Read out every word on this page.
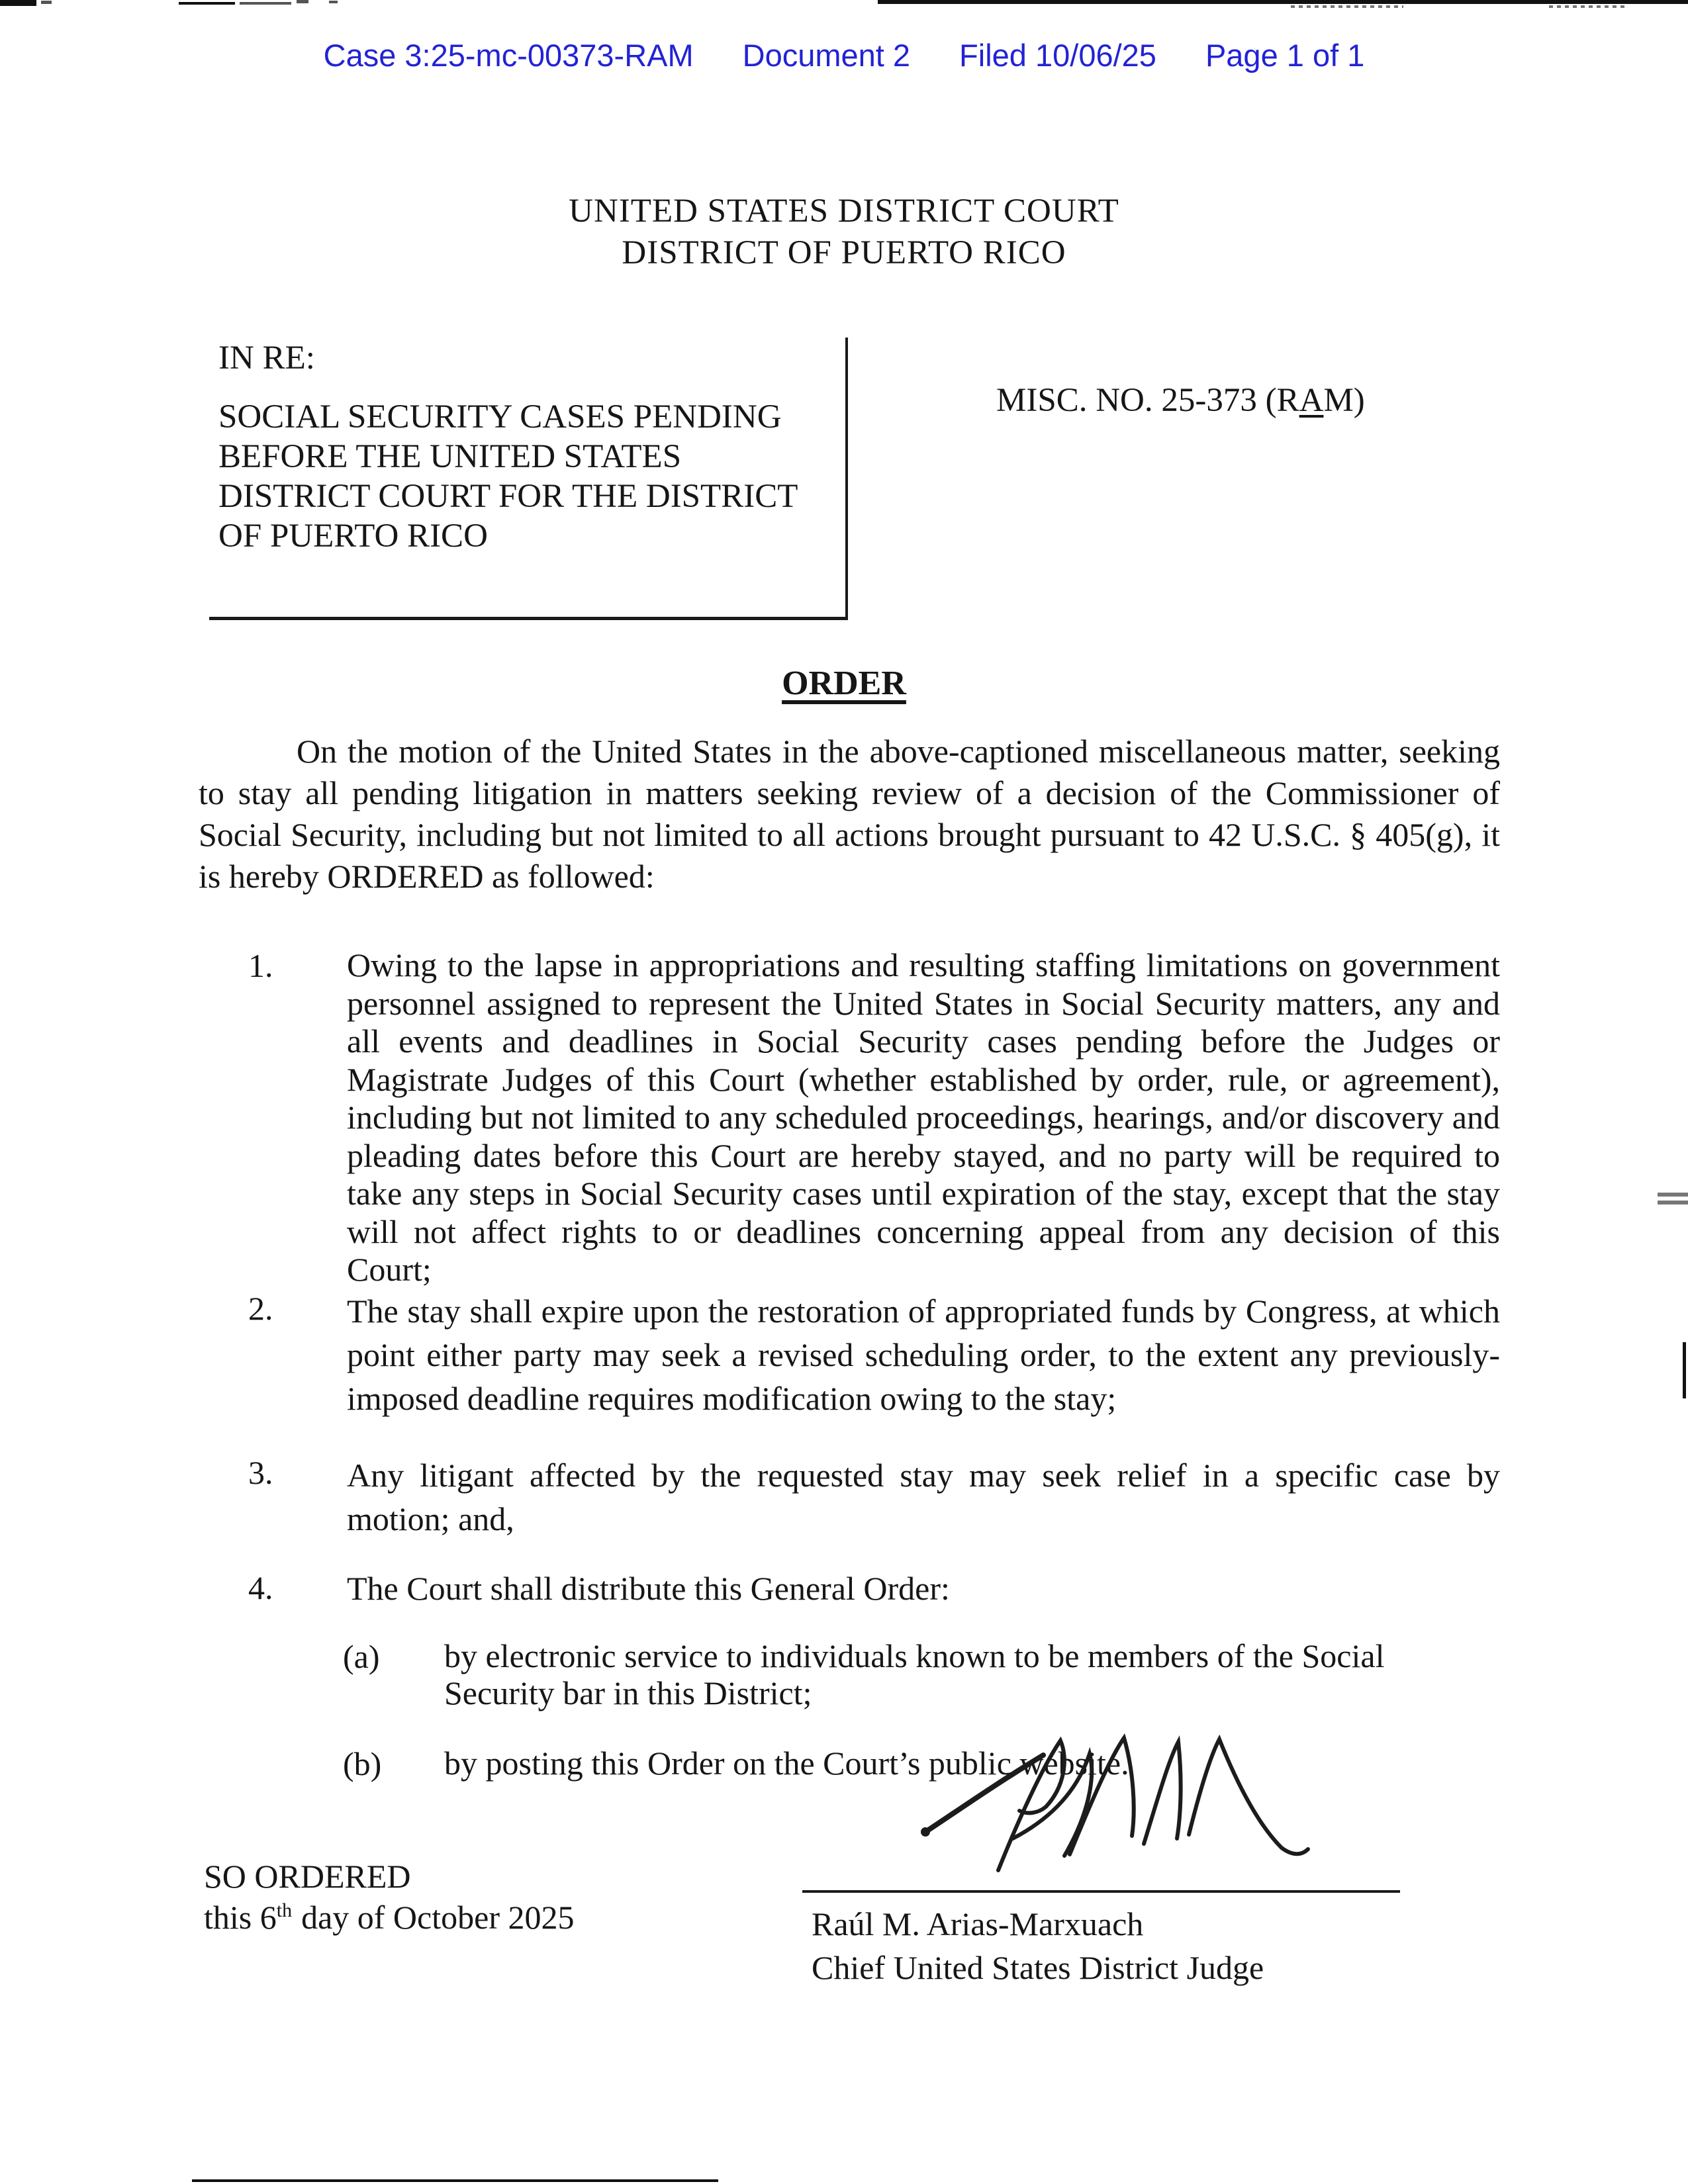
Case 3:25-mc-00373-RAM Document 2 Filed 10/06/25 Page 1 of 1
UNITED STATES DISTRICT COURT
DISTRICT OF PUERTO RICO
IN RE:
SOCIAL SECURITY CASES PENDING
BEFORE THE UNITED STATES
DISTRICT COURT FOR THE DISTRICT
OF PUERTO RICO
MISC. NO. 25-373 (RAM)
ORDER
On the motion of the United States in the above-captioned miscellaneous matter, seeking to stay all pending litigation in matters seeking review of a decision of the Commissioner of Social Security, including but not limited to all actions brought pursuant to 42 U.S.C. § 405(g), it is hereby ORDERED as followed:
1.	Owing to the lapse in appropriations and resulting staffing limitations on government personnel assigned to represent the United States in Social Security matters, any and all events and deadlines in Social Security cases pending before the Judges or Magistrate Judges of this Court (whether established by order, rule, or agreement), including but not limited to any scheduled proceedings, hearings, and/or discovery and pleading dates before this Court are hereby stayed, and no party will be required to take any steps in Social Security cases until expiration of the stay, except that the stay will not affect rights to or deadlines concerning appeal from any decision of this Court;
2.	The stay shall expire upon the restoration of appropriated funds by Congress, at which point either party may seek a revised scheduling order, to the extent any previously-imposed deadline requires modification owing to the stay;
3.	Any litigant affected by the requested stay may seek relief in a specific case by motion; and,
4.	The Court shall distribute this General Order:
(a)	by electronic service to individuals known to be members of the Social Security bar in this District;
(b)	by posting this Order on the Court’s public website.
SO ORDERED
this 6th day of October 2025	Raúl M. Arias-Marxuach
Chief United States District Judge
